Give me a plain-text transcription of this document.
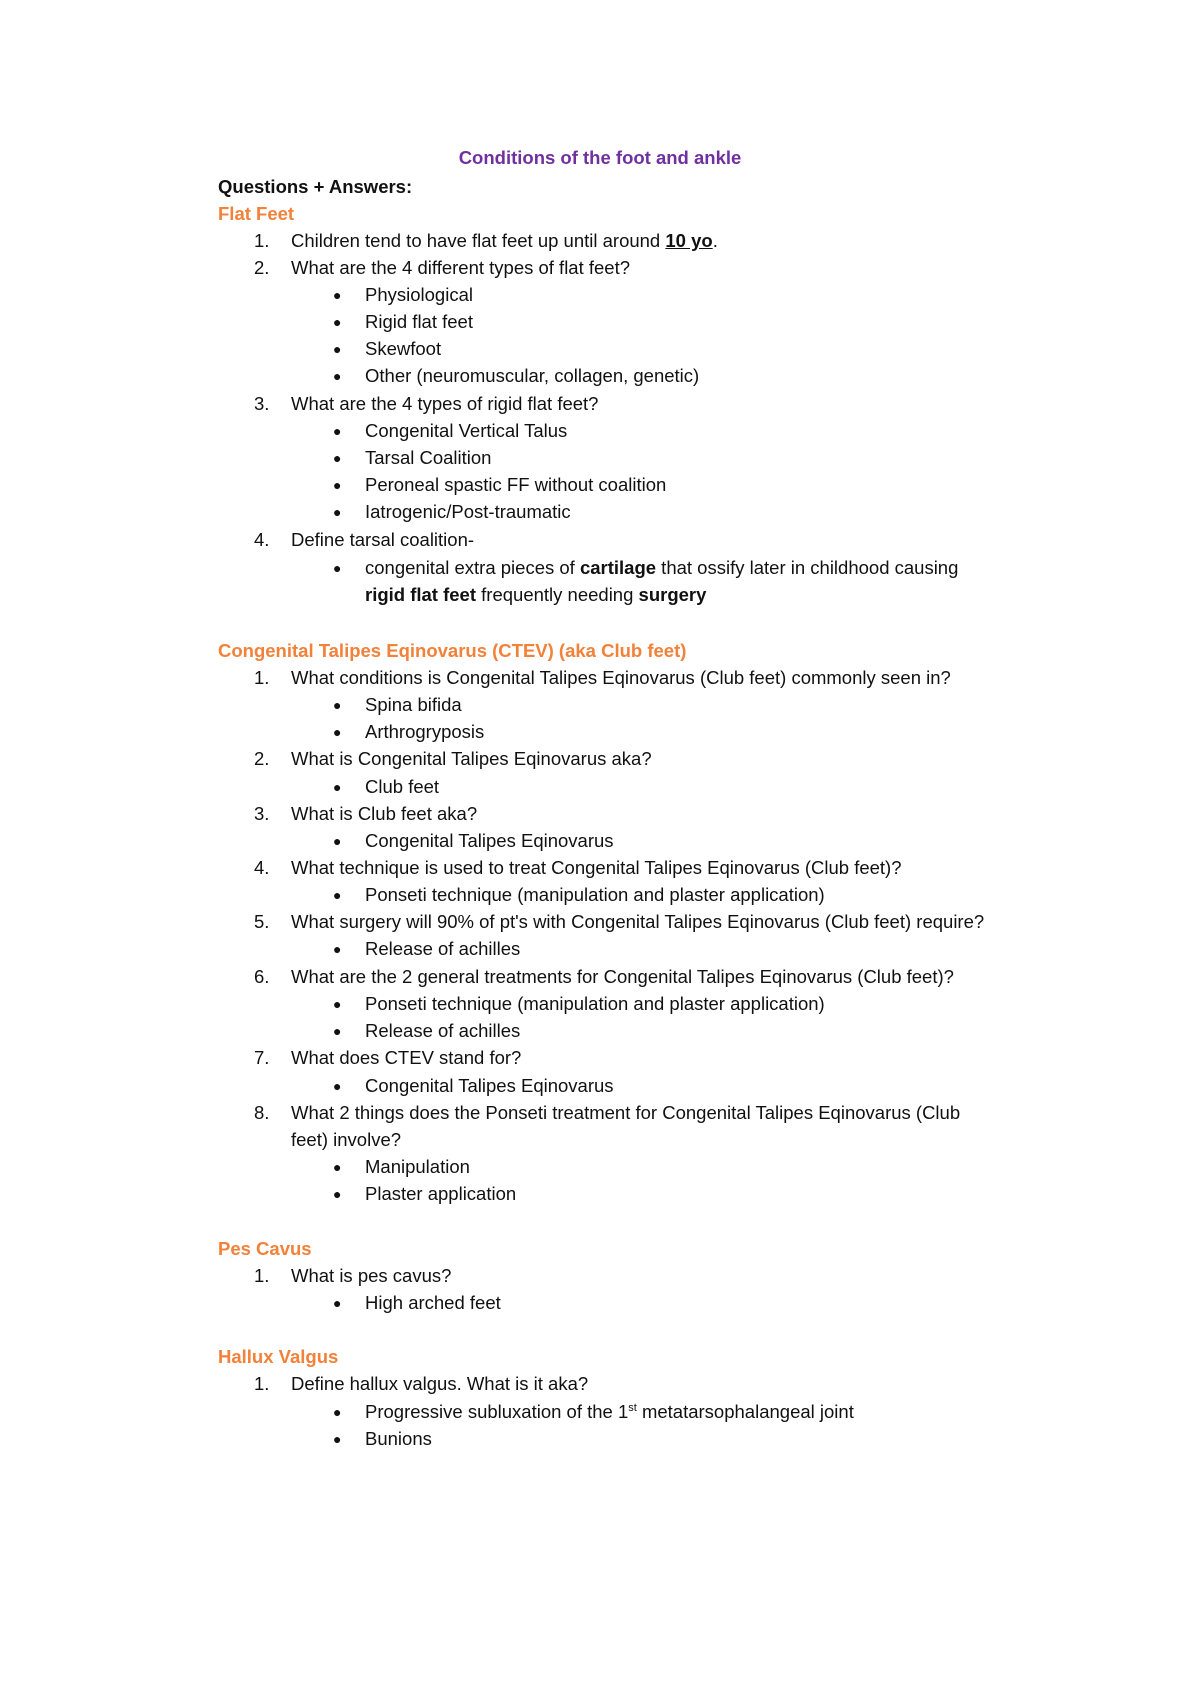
Conditions of the foot and ankle
Questions + Answers:
Flat Feet
1. Children tend to have flat feet up until around 10 yo.
2. What are the 4 different types of flat feet?
● Physiological
● Rigid flat feet
● Skewfoot
● Other (neuromuscular, collagen, genetic)
3. What are the 4 types of rigid flat feet?
● Congenital Vertical Talus
● Tarsal Coalition
● Peroneal spastic FF without coalition
● Iatrogenic/Post-traumatic
4. Define tarsal coalition-
● congenital extra pieces of cartilage that ossify later in childhood causing
rigid flat feet frequently needing surgery
Congenital Talipes Eqinovarus (CTEV) (aka Club feet)
1. What conditions is Congenital Talipes Eqinovarus (Club feet) commonly seen in?
● Spina bifida
● Arthrogryposis
2. What is Congenital Talipes Eqinovarus aka?
● Club feet
3. What is Club feet aka?
● Congenital Talipes Eqinovarus
4. What technique is used to treat Congenital Talipes Eqinovarus (Club feet)?
● Ponseti technique (manipulation and plaster application)
5. What surgery will 90% of pt's with Congenital Talipes Eqinovarus (Club feet) require?
● Release of achilles
6. What are the 2 general treatments for Congenital Talipes Eqinovarus (Club feet)?
● Ponseti technique (manipulation and plaster application)
● Release of achilles
7. What does CTEV stand for?
● Congenital Talipes Eqinovarus
8. What 2 things does the Ponseti treatment for Congenital Talipes Eqinovarus (Club
feet) involve?
● Manipulation
● Plaster application
Pes Cavus
1. What is pes cavus?
● High arched feet
Hallux Valgus
1. Define hallux valgus. What is it aka?
● Progressive subluxation of the 1st metatarsophalangeal joint
● Bunions
